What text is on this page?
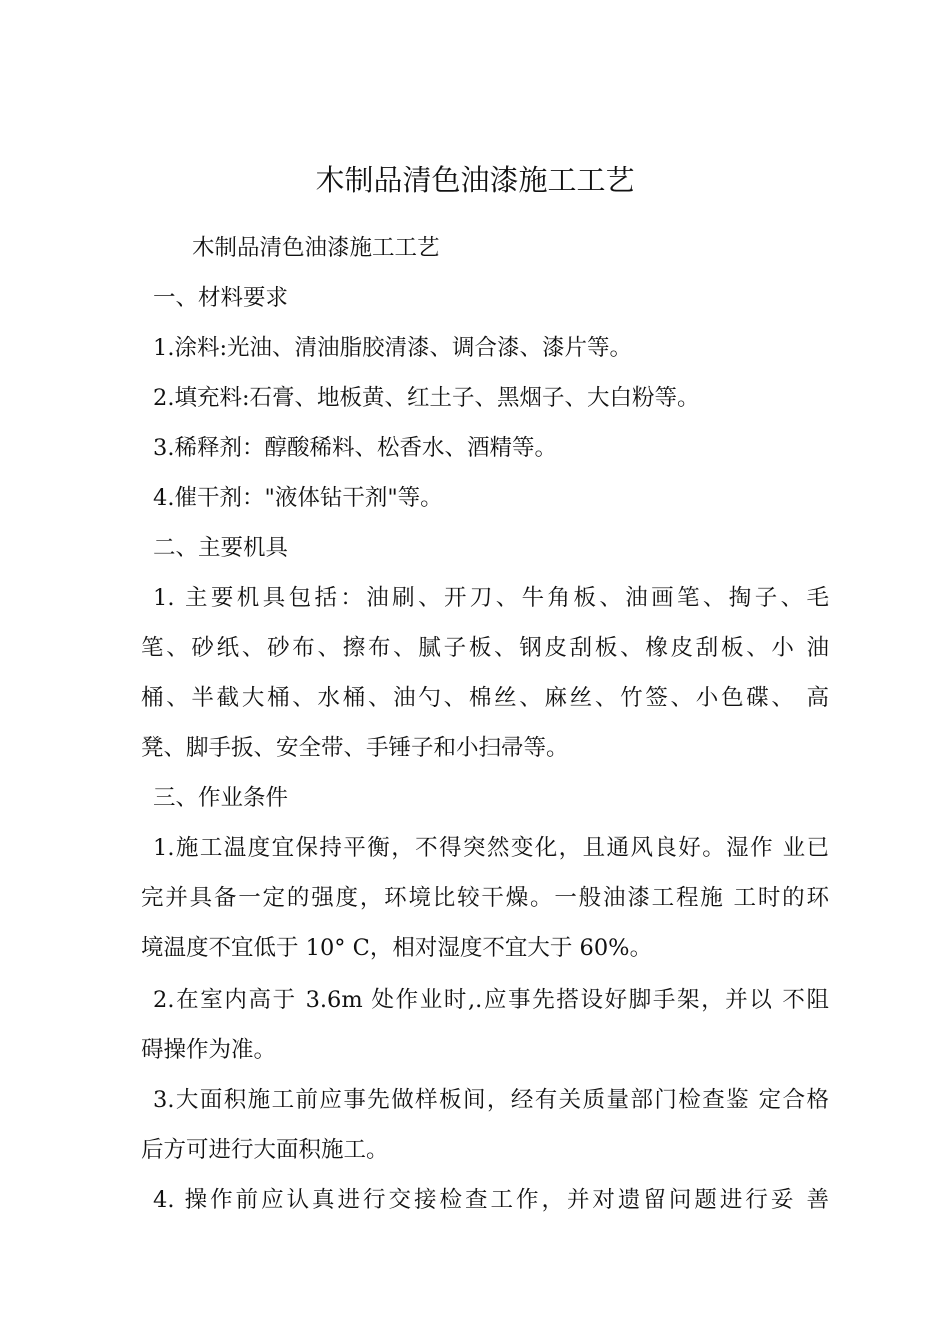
木制品清色油漆施工工艺
木制品清色油漆施工工艺
一、材料要求
1.涂料:光油、清油脂胶清漆、调合漆、漆片等。
2.填充料:石膏、地板黄、红土子、黑烟子、大白粉等。
3.稀释剂：醇酸稀料、松香水、酒精等。
4.催干剂："液体钻干剂"等。
二、主要机具
1. 主要机具包括：油刷、开刀、牛角板、油画笔、掏子、毛
笔、砂纸、砂布、擦布、腻子板、钢皮刮板、橡皮刮板、小 油
桶、半截大桶、水桶、油勺、棉丝、麻丝、竹签、小色碟、 高
凳、脚手扳、安全带、手锤子和小扫帚等。
三、作业条件
1.施工温度宜保持平衡，不得突然变化，且通风良好。湿作 业已
完并具备一定的强度，环境比较干燥。一般油漆工程施 工时的环
境温度不宜低于 10° C，相对湿度不宜大于 60%。
2.在室内高于 3.6m 处作业时,.应事先搭设好脚手架，并以 不阻
碍操作为准。
3.大面积施工前应事先做样板间，经有关质量部门检查鉴 定合格
后方可进行大面积施工。
4. 操作前应认真进行交接检查工作，并对遗留问题进行妥 善
